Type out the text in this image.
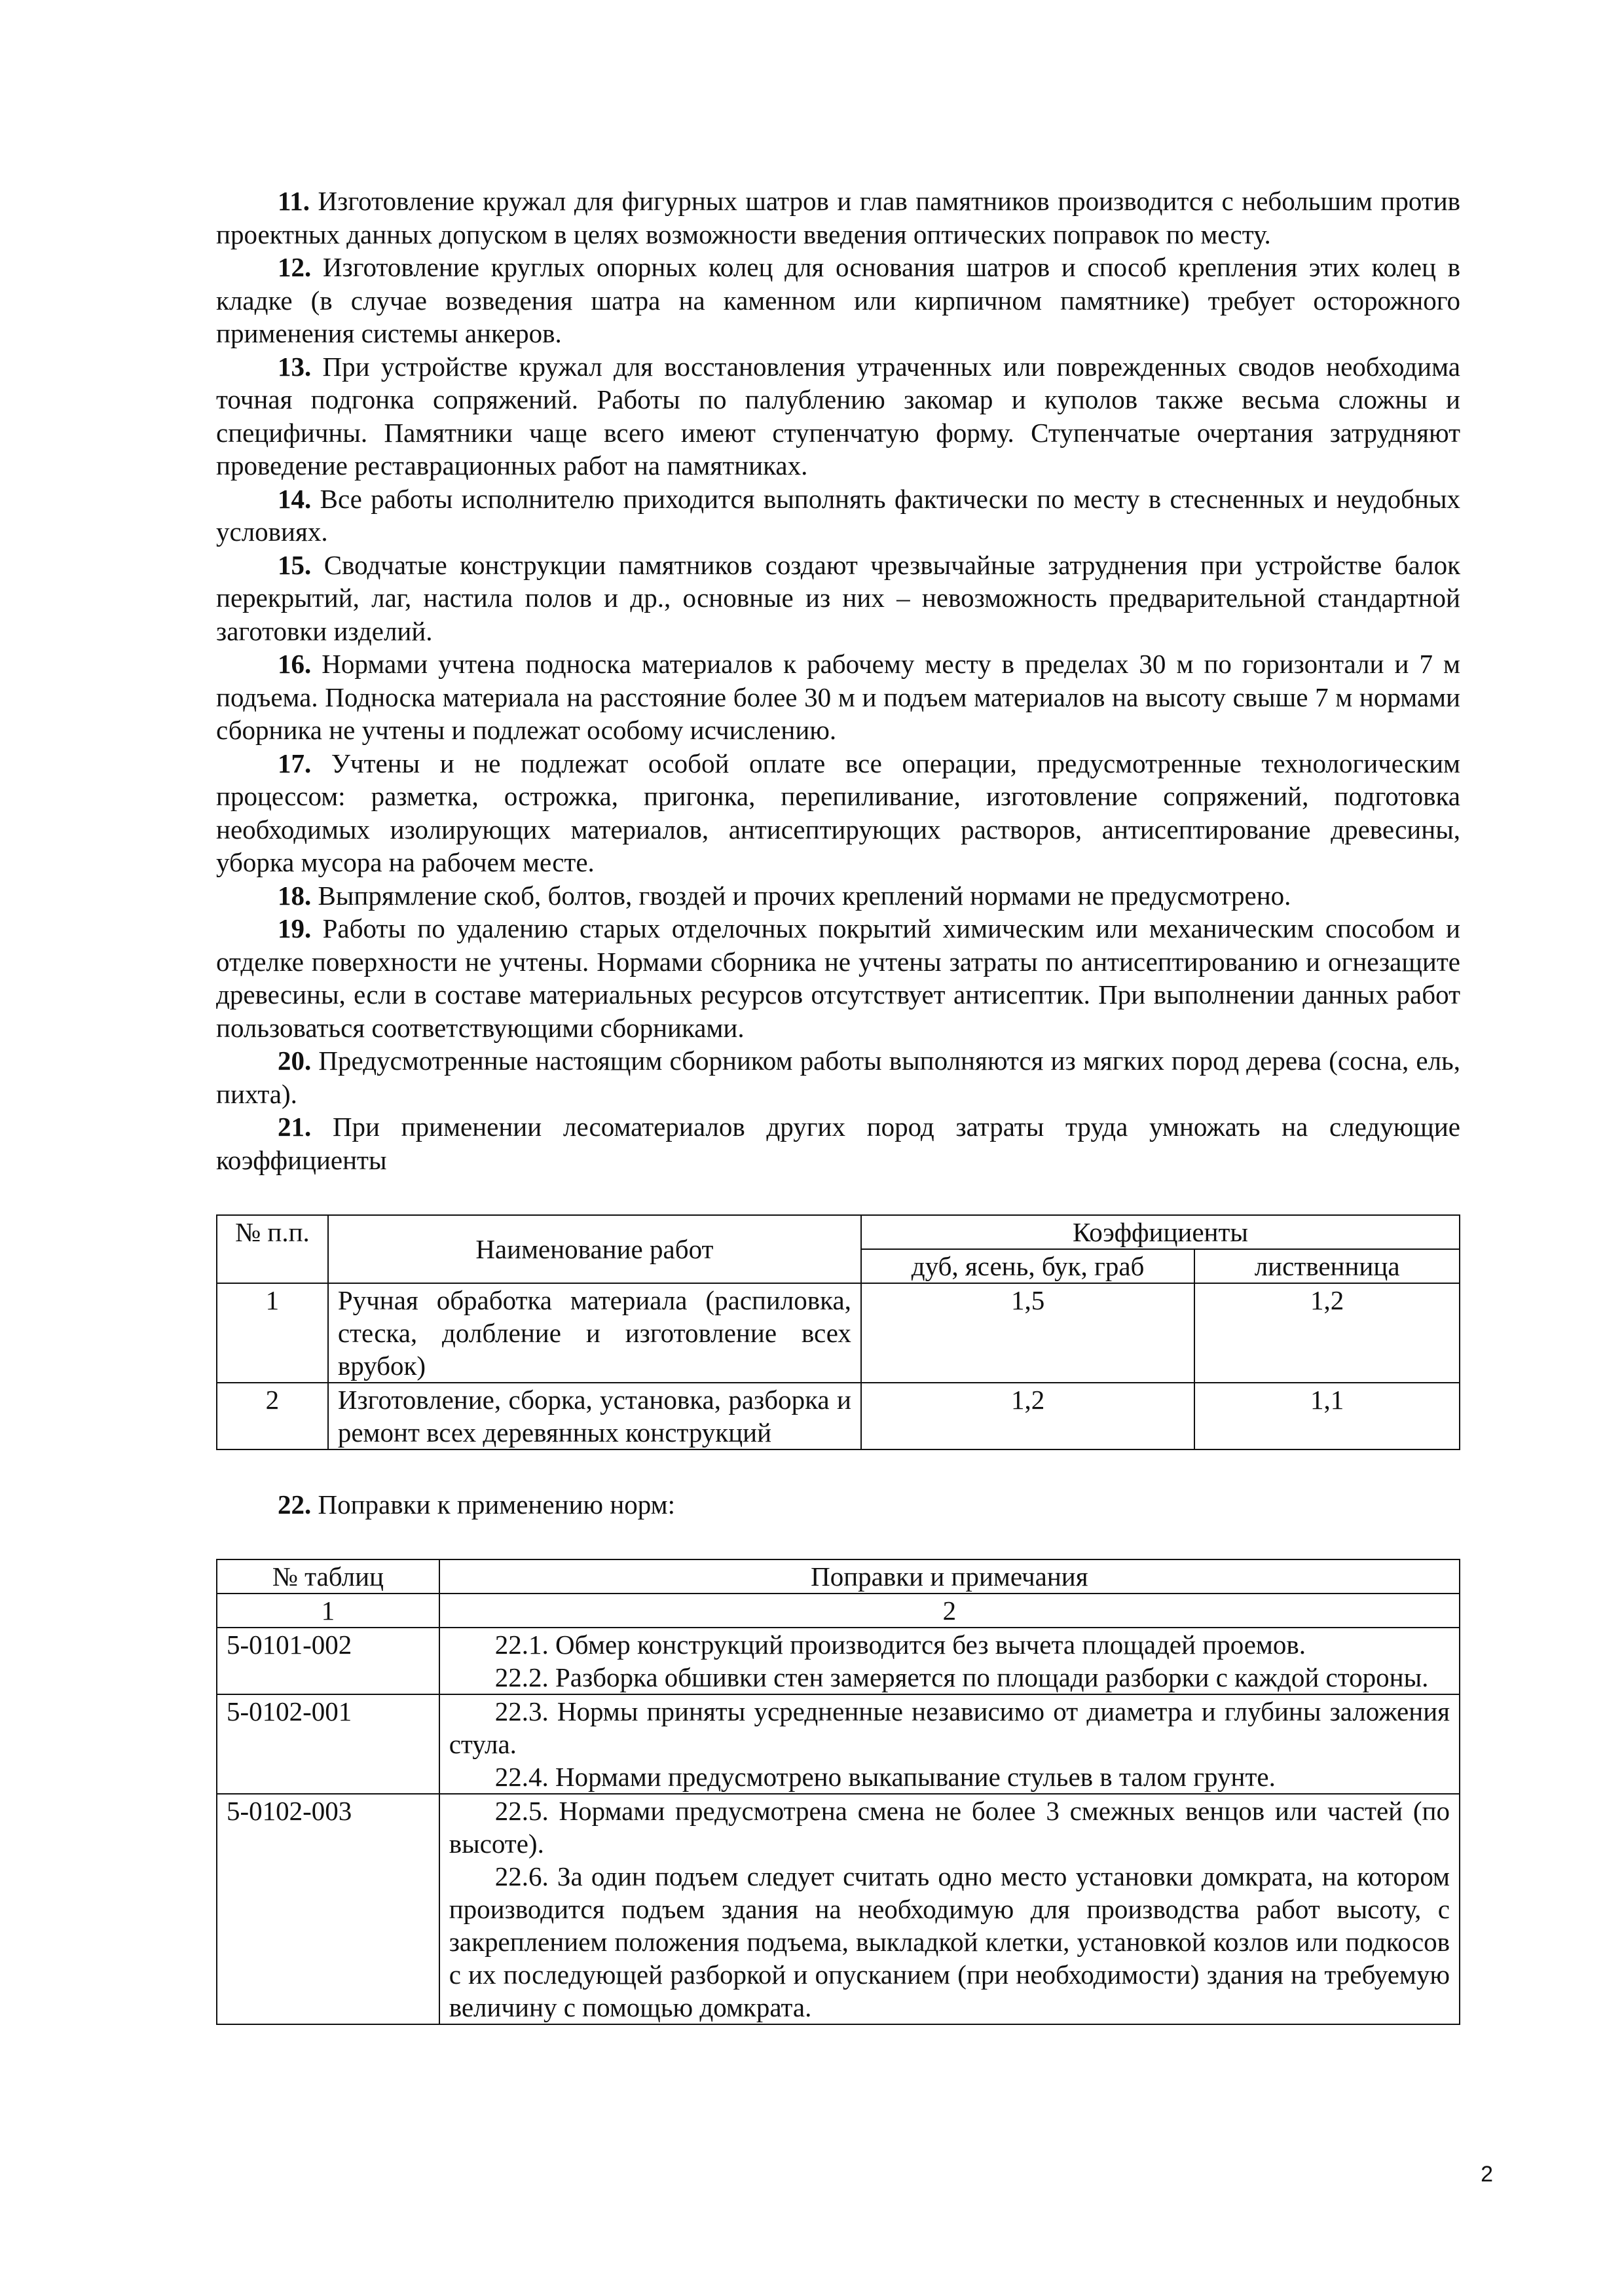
11. Изготовление кружал для фигурных шатров и глав памятников производится с небольшим против проектных данных допуском в целях возможности введения оптических поправок по месту.

12. Изготовление круглых опорных колец для основания шатров и способ крепления этих колец в кладке (в случае возведения шатра на каменном или кирпичном памятнике) требует осторожного применения системы анкеров.

13. При устройстве кружал для восстановления утраченных или поврежденных сводов необходима точная подгонка сопряжений. Работы по палублению закомар и куполов также весьма сложны и специфичны. Памятники чаще всего имеют ступенчатую форму. Ступенчатые очертания затрудняют проведение реставрационных работ на памятниках.

14. Все работы исполнителю приходится выполнять фактически по месту в стесненных и неудобных условиях.

15. Сводчатые конструкции памятников создают чрезвычайные затруднения при устройстве балок перекрытий, лаг, настила полов и др., основные из них – невозможность предварительной стандартной заготовки изделий.

16. Нормами учтена подноска материалов к рабочему месту в пределах 30 м по горизонтали и 7 м подъема. Подноска материала на расстояние более 30 м и подъем материалов на высоту свыше 7 м нормами сборника не учтены и подлежат особому исчислению.

17. Учтены и не подлежат особой оплате все операции, предусмотренные технологическим процессом: разметка, острожка, пригонка, перепиливание, изготовление сопряжений, подготовка необходимых изолирующих материалов, антисептирующих растворов, антисептирование древесины, уборка мусора на рабочем месте.

18. Выпрямление скоб, болтов, гвоздей и прочих креплений нормами не предусмотрено.

19. Работы по удалению старых отделочных покрытий химическим или механическим способом и отделке поверхности не учтены. Нормами сборника не учтены затраты по антисептированию и огнезащите древесины, если в составе материальных ресурсов отсутствует антисептик. При выполнении данных работ пользоваться соответствующими сборниками.

20. Предусмотренные настоящим сборником работы выполняются из мягких пород дерева (сосна, ель, пихта).

21. При применении лесоматериалов других пород затраты труда умножать на следующие коэффициенты

№ п.п.	Наименование работ	Коэффициенты	
		дуб, ясень, бук, граб	лиственница
1	Ручная обработка материала (распиловка, стеска, долбление и изготовление всех врубок)	1,5	1,2
2	Изготовление, сборка, установка, разборка и ремонт всех деревянных конструкций	1,2	1,1

22. Поправки к применению норм:

№ таблиц	Поправки и примечания
1	2
5-0101-002	22.1. Обмер конструкций производится без вычета площадей проемов.

22.2. Разборка обшивки стен замеряется по площади разборки с каждой стороны.

5-0102-001	22.3. Нормы приняты усредненные независимо от диаметра и глубины заложения стула.

22.4. Нормами предусмотрено выкапывание стульев в талом грунте.

5-0102-003	22.5. Нормами предусмотрена смена не более 3 смежных венцов или частей (по высоте).

22.6. За один подъем следует считать одно место установки домкрата, на котором производится подъем здания на необходимую для производства работ высоту, с закреплением положения подъема, выкладкой клетки, установкой козлов или подкосов с их последующей разборкой и опусканием (при необходимости) здания на требуемую величину с помощью домкрата.

2
